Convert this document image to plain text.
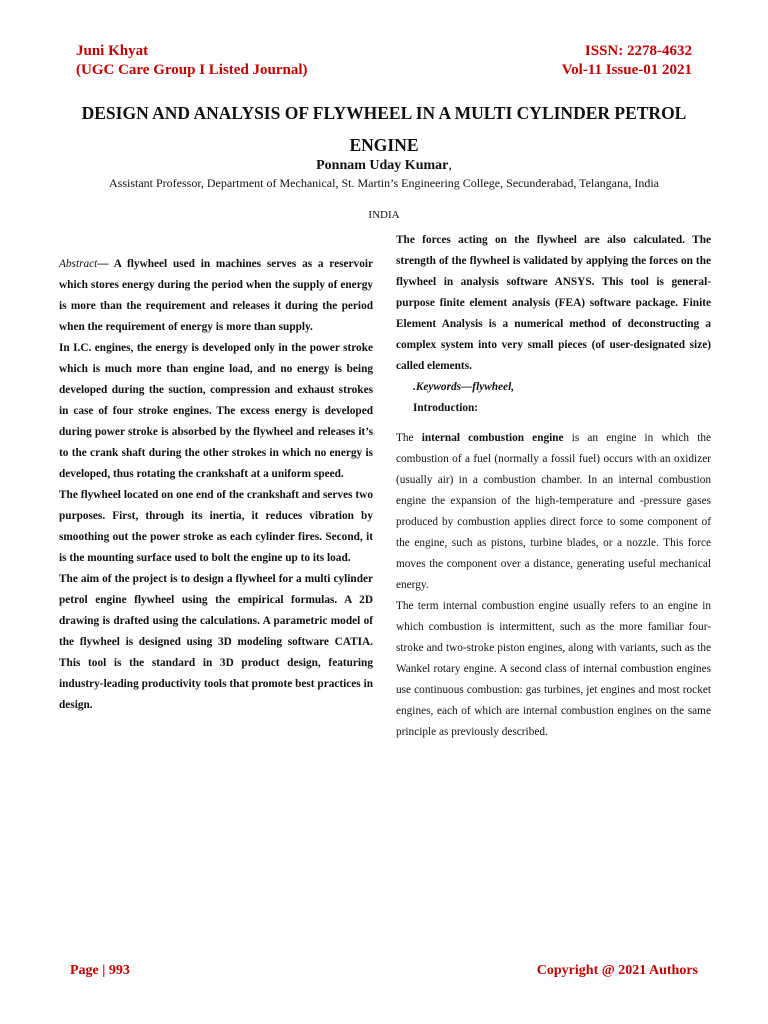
Juni Khyat
(UGC Care Group I Listed Journal)
ISSN: 2278-4632
Vol-11 Issue-01 2021
DESIGN AND ANALYSIS OF FLYWHEEL IN A MULTI CYLINDER PETROL
ENGINE
Ponnam Uday Kumar,
Assistant Professor, Department of Mechanical, St. Martin’s Engineering College, Secunderabad, Telangana, India
INDIA

Abstract— A flywheel used in machines serves as a reservoir which stores energy during the period when the supply of energy is more than the requirement and releases it during the period when the requirement of energy is more than supply.

In I.C. engines, the energy is developed only in the power stroke which is much more than engine load, and no energy is being developed during the suction, compression and exhaust strokes in case of four stroke engines. The excess energy is developed during power stroke is absorbed by the flywheel and releases it’s to the crank shaft during the other strokes in which no energy is developed, thus rotating the crankshaft at a uniform speed.

The flywheel located on one end of the crankshaft and serves two purposes. First, through its inertia, it reduces vibration by smoothing out the power stroke as each cylinder fires. Second, it is the mounting surface used to bolt the engine up to its load.

The aim of the project is to design a flywheel for a multi cylinder petrol engine flywheel using the empirical formulas. A 2D drawing is drafted using the calculations. A parametric model of the flywheel is designed using 3D modeling software CATIA. This tool is the standard in 3D product design, featuring industry-leading productivity tools that promote best practices in design.

The forces acting on the flywheel are also calculated. The strength of the flywheel is validated by applying the forces on the flywheel in analysis software ANSYS. This tool is general-purpose finite element analysis (FEA) software package. Finite Element Analysis is a numerical method of deconstructing a complex system into very small pieces (of user-designated size) called elements.

.Keywords—flywheel,

Introduction:

The internal combustion engine is an engine in which the combustion of a fuel (normally a fossil fuel) occurs with an oxidizer (usually air) in a combustion chamber. In an internal combustion engine the expansion of the high-temperature and -pressure gases produced by combustion applies direct force to some component of the engine, such as pistons, turbine blades, or a nozzle. This force moves the component over a distance, generating useful mechanical energy.

The term internal combustion engine usually refers to an engine in which combustion is intermittent, such as the more familiar four-stroke and two-stroke piston engines, along with variants, such as the Wankel rotary engine. A second class of internal combustion engines use continuous combustion: gas turbines, jet engines and most rocket engines, each of which are internal combustion engines on the same principle as previously described.

Page | 993	Copyright @ 2021 Authors
